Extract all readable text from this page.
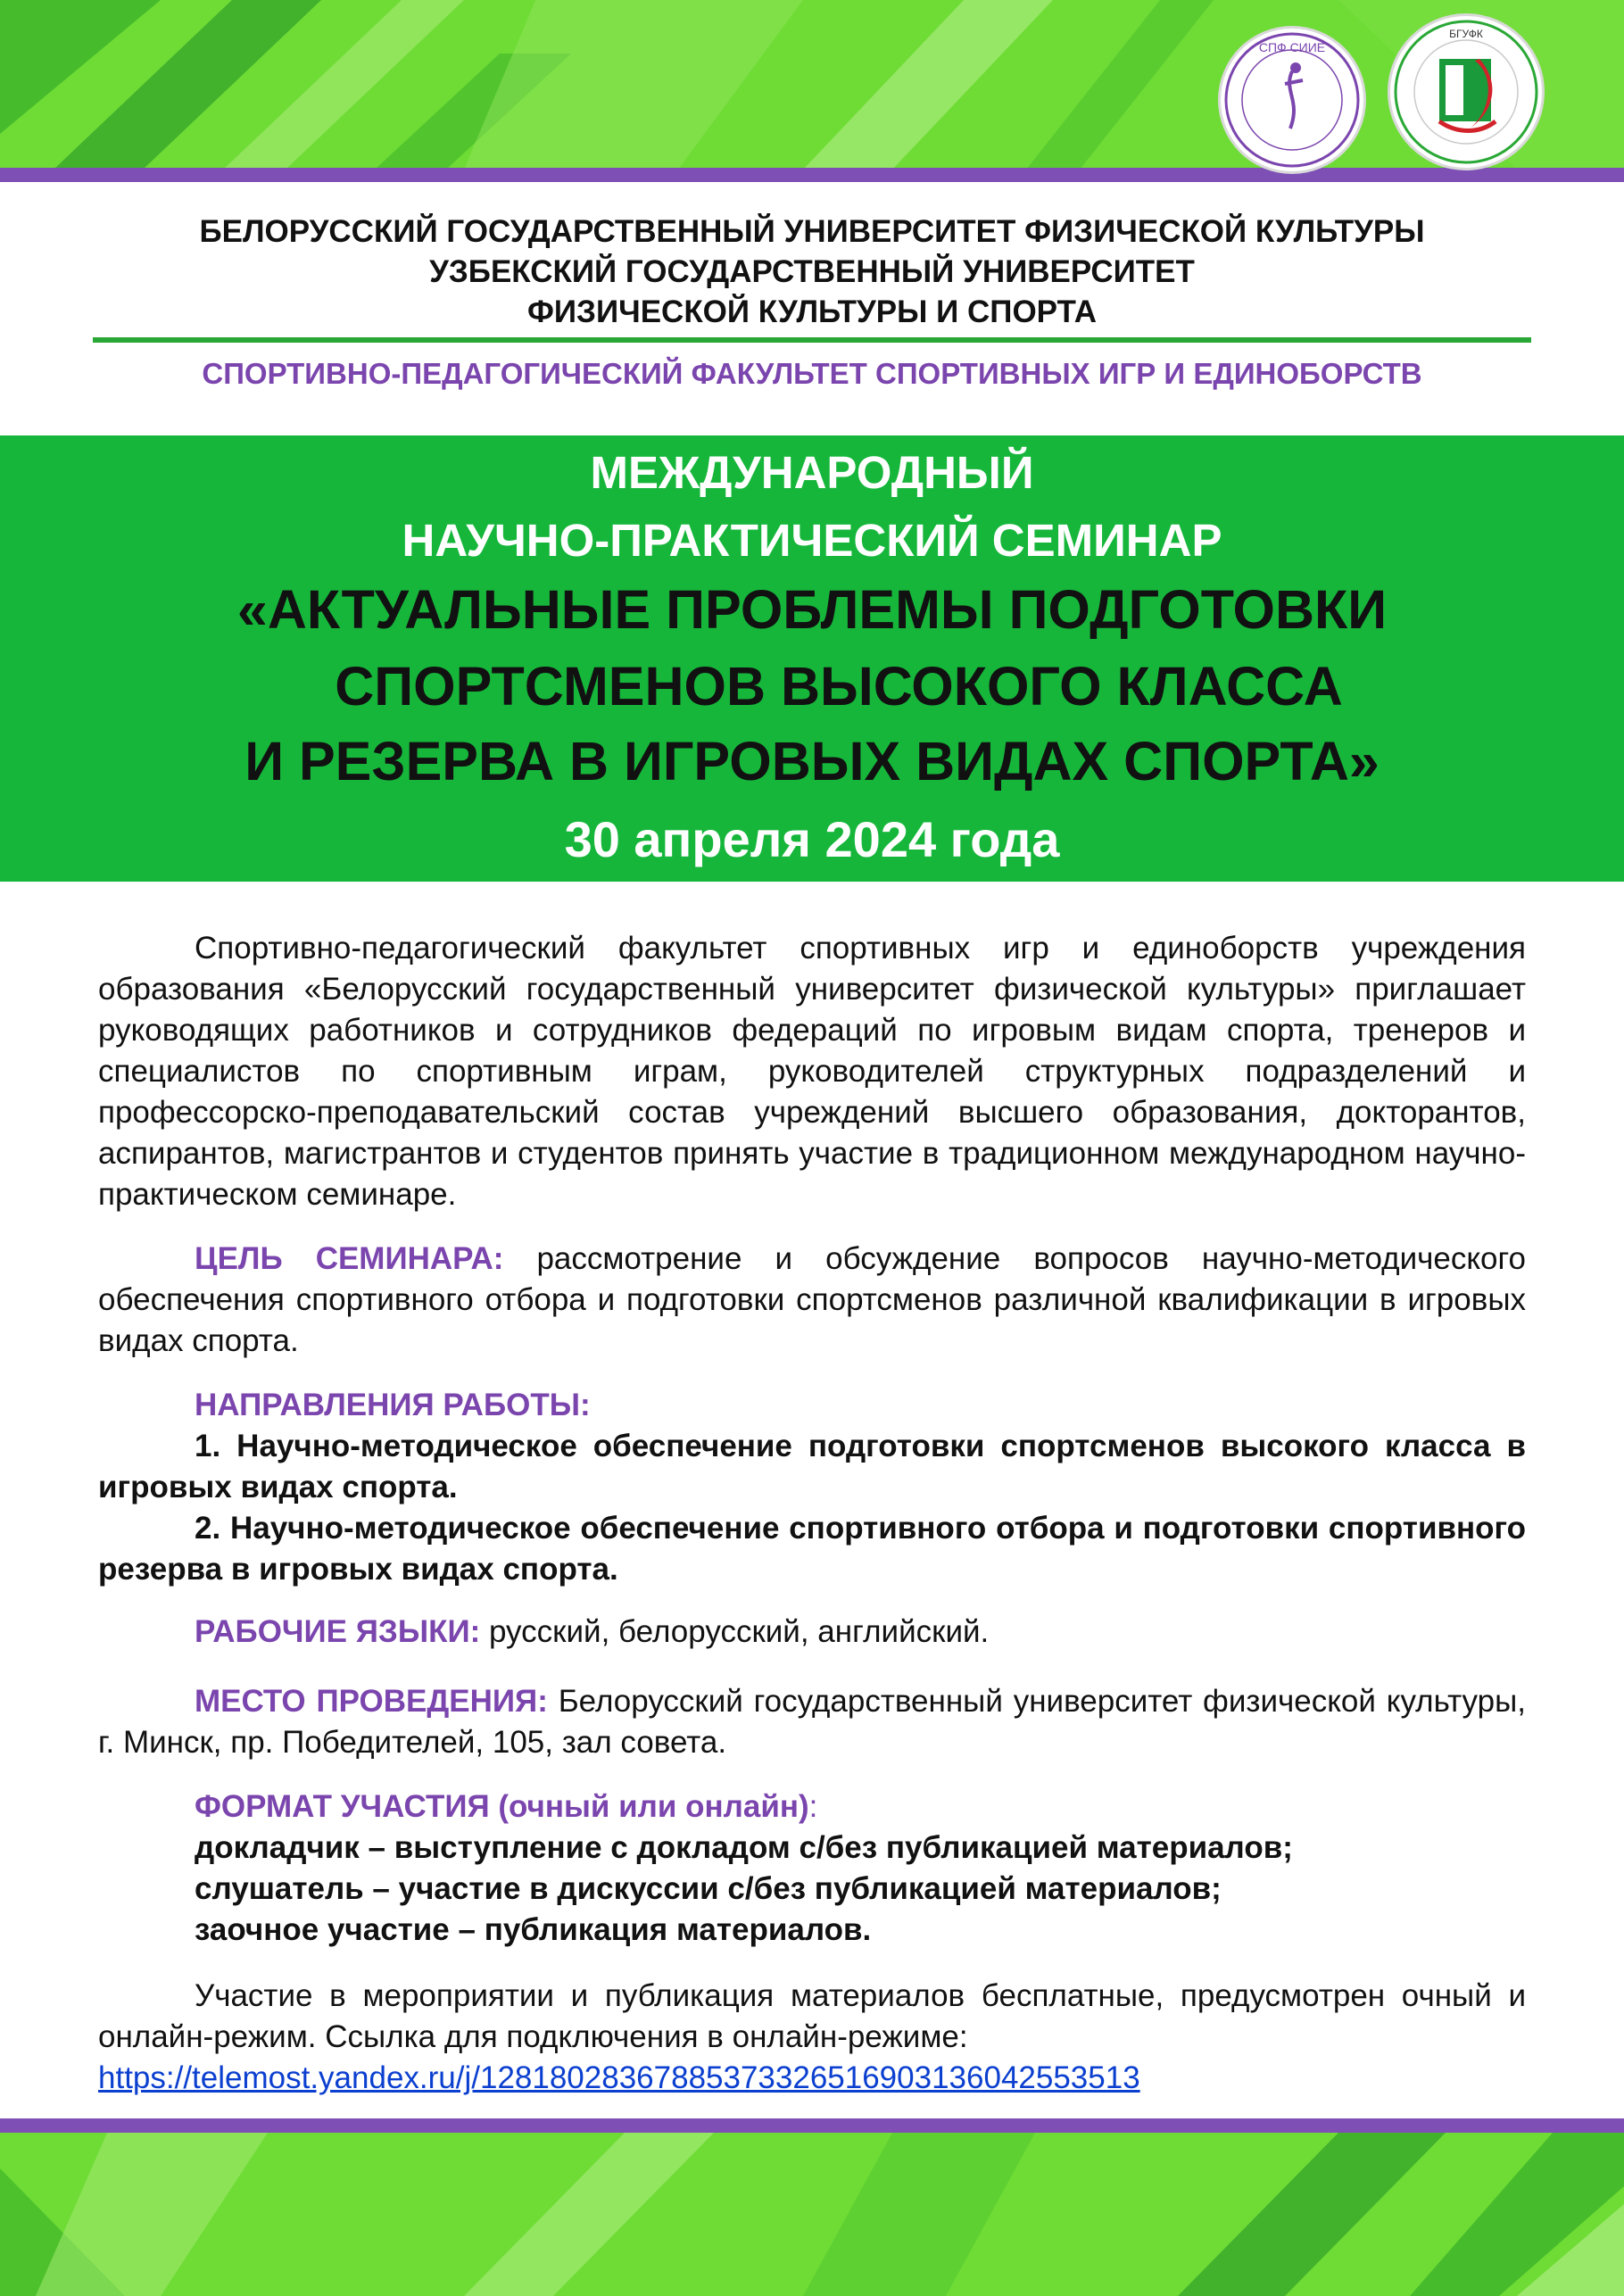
СПФ СИИЕ
БГУФК
БЕЛОРУССКИЙ ГОСУДАРСТВЕННЫЙ УНИВЕРСИТЕТ ФИЗИЧЕСКОЙ КУЛЬТУРЫ
УЗБЕКСКИЙ ГОСУДАРСТВЕННЫЙ УНИВЕРСИТЕТ
ФИЗИЧЕСКОЙ КУЛЬТУРЫ И СПОРТА
СПОРТИВНО-ПЕДАГОГИЧЕСКИЙ ФАКУЛЬТЕТ СПОРТИВНЫХ ИГР И ЕДИНОБОРСТВ
МЕЖДУНАРОДНЫЙ
НАУЧНО-ПРАКТИЧЕСКИЙ СЕМИНАР
«АКТУАЛЬНЫЕ ПРОБЛЕМЫ ПОДГОТОВКИ
СПОРТСМЕНОВ ВЫСОКОГО КЛАССА
И РЕЗЕРВА В ИГРОВЫХ ВИДАХ СПОРТА»
30 апреля 2024 года
Спортивно-педагогический факультет спортивных игр и единоборств учреждения образования «Белорусский государственный университет физической культуры» приглашает руководящих работников и сотрудников федераций по игровым видам спорта, тренеров и специалистов по спортивным играм, руководителей структурных подразделений и профессорско-преподавательский состав учреждений высшего образования, докторантов, аспирантов, магистрантов и студентов принять участие в традиционном международном научно-практическом семинаре.
ЦЕЛЬ СЕМИНАРА: рассмотрение и обсуждение вопросов научно-методического обеспечения спортивного отбора и подготовки спортсменов различной квалификации в игровых видах спорта.
НАПРАВЛЕНИЯ РАБОТЫ:
1. Научно-методическое обеспечение подготовки спортсменов высокого класса в игровых видах спорта.
2. Научно-методическое обеспечение спортивного отбора и подготовки спортивного резерва в игровых видах спорта.
РАБОЧИЕ ЯЗЫКИ: русский, белорусский, английский.
МЕСТО ПРОВЕДЕНИЯ: Белорусский государственный университет физической культуры, г. Минск, пр. Победителей, 105, зал совета.
ФОРМАТ УЧАСТИЯ (очный или онлайн):
докладчик – выступление с докладом с/без публикацией материалов;
слушатель – участие в дискуссии с/без публикацией материалов;
заочное участие – публикация материалов.
Участие в мероприятии и публикация материалов бесплатные, предусмотрен очный и онлайн-режим. Ссылка для подключения в онлайн-режиме:
https://telemost.yandex.ru/j/12818028367885373326516903136042553513
